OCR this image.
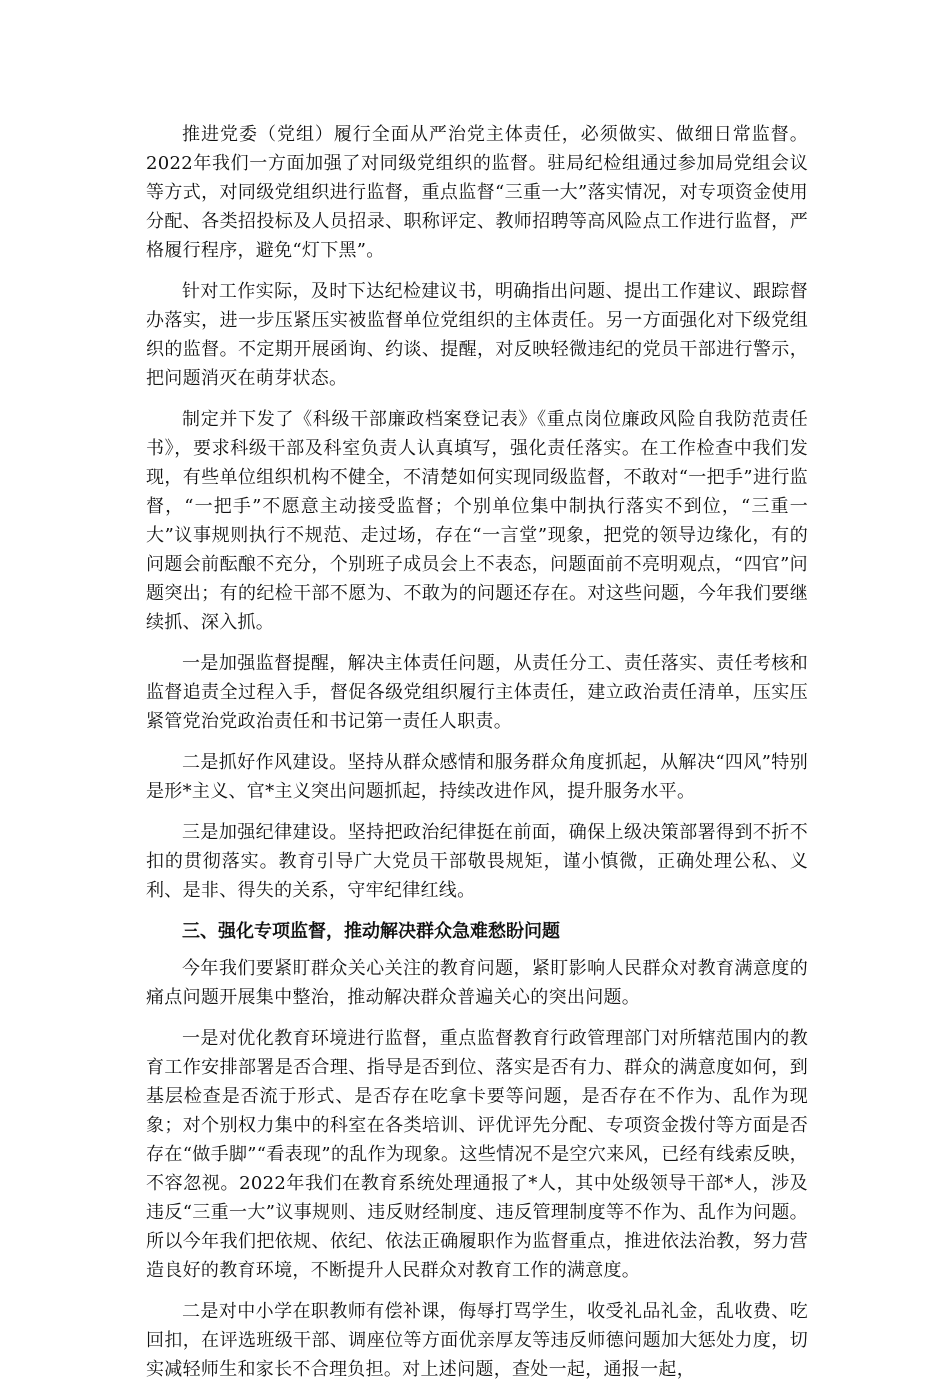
推进党委（党组）履行全面从严治党主体责任，必须做实、做细日常监督。2022年我们一方面加强了对同级党组织的监督。驻局纪检组通过参加局党组会议等方式，对同级党组织进行监督，重点监督“三重一大”落实情况，对专项资金使用分配、各类招投标及人员招录、职称评定、教师招聘等高风险点工作进行监督，严格履行程序，避免“灯下黑”。

针对工作实际，及时下达纪检建议书，明确指出问题、提出工作建议、跟踪督办落实，进一步压紧压实被监督单位党组织的主体责任。另一方面强化对下级党组织的监督。不定期开展函询、约谈、提醒，对反映轻微违纪的党员干部进行警示，把问题消灭在萌芽状态。

制定并下发了《科级干部廉政档案登记表》《重点岗位廉政风险自我防范责任书》，要求科级干部及科室负责人认真填写，强化责任落实。在工作检查中我们发现，有些单位组织机构不健全，不清楚如何实现同级监督，不敢对“一把手”进行监督，“一把手”不愿意主动接受监督；个别单位集中制执行落实不到位，“三重一大”议事规则执行不规范、走过场，存在“一言堂”现象，把党的领导边缘化，有的问题会前酝酿不充分，个别班子成员会上不表态，问题面前不亮明观点，“四官”问题突出；有的纪检干部不愿为、不敢为的问题还存在。对这些问题，今年我们要继续抓、深入抓。

一是加强监督提醒，解决主体责任问题，从责任分工、责任落实、责任考核和监督追责全过程入手，督促各级党组织履行主体责任，建立政治责任清单，压实压紧管党治党政治责任和书记第一责任人职责。

二是抓好作风建设。坚持从群众感情和服务群众角度抓起，从解决“四风”特别是形*主义、官*主义突出问题抓起，持续改进作风，提升服务水平。

三是加强纪律建设。坚持把政治纪律挺在前面，确保上级决策部署得到不折不扣的贯彻落实。教育引导广大党员干部敬畏规矩，谨小慎微，正确处理公私、义利、是非、得失的关系，守牢纪律红线。

三、强化专项监督，推动解决群众急难愁盼问题

今年我们要紧盯群众关心关注的教育问题，紧盯影响人民群众对教育满意度的痛点问题开展集中整治，推动解决群众普遍关心的突出问题。

一是对优化教育环境进行监督，重点监督教育行政管理部门对所辖范围内的教育工作安排部署是否合理、指导是否到位、落实是否有力、群众的满意度如何，到基层检查是否流于形式、是否存在吃拿卡要等问题，是否存在不作为、乱作为现象；对个别权力集中的科室在各类培训、评优评先分配、专项资金拨付等方面是否存在“做手脚”“看表现”的乱作为现象。这些情况不是空穴来风，已经有线索反映，不容忽视。2022年我们在教育系统处理通报了*人，其中处级领导干部*人，涉及违反“三重一大”议事规则、违反财经制度、违反管理制度等不作为、乱作为问题。所以今年我们把依规、依纪、依法正确履职作为监督重点，推进依法治教，努力营造良好的教育环境，不断提升人民群众对教育工作的满意度。

二是对中小学在职教师有偿补课，侮辱打骂学生，收受礼品礼金，乱收费、吃回扣，在评选班级干部、调座位等方面优亲厚友等违反师德问题加大惩处力度，切实减轻师生和家长不合理负担。对上述问题，查处一起，通报一起，
